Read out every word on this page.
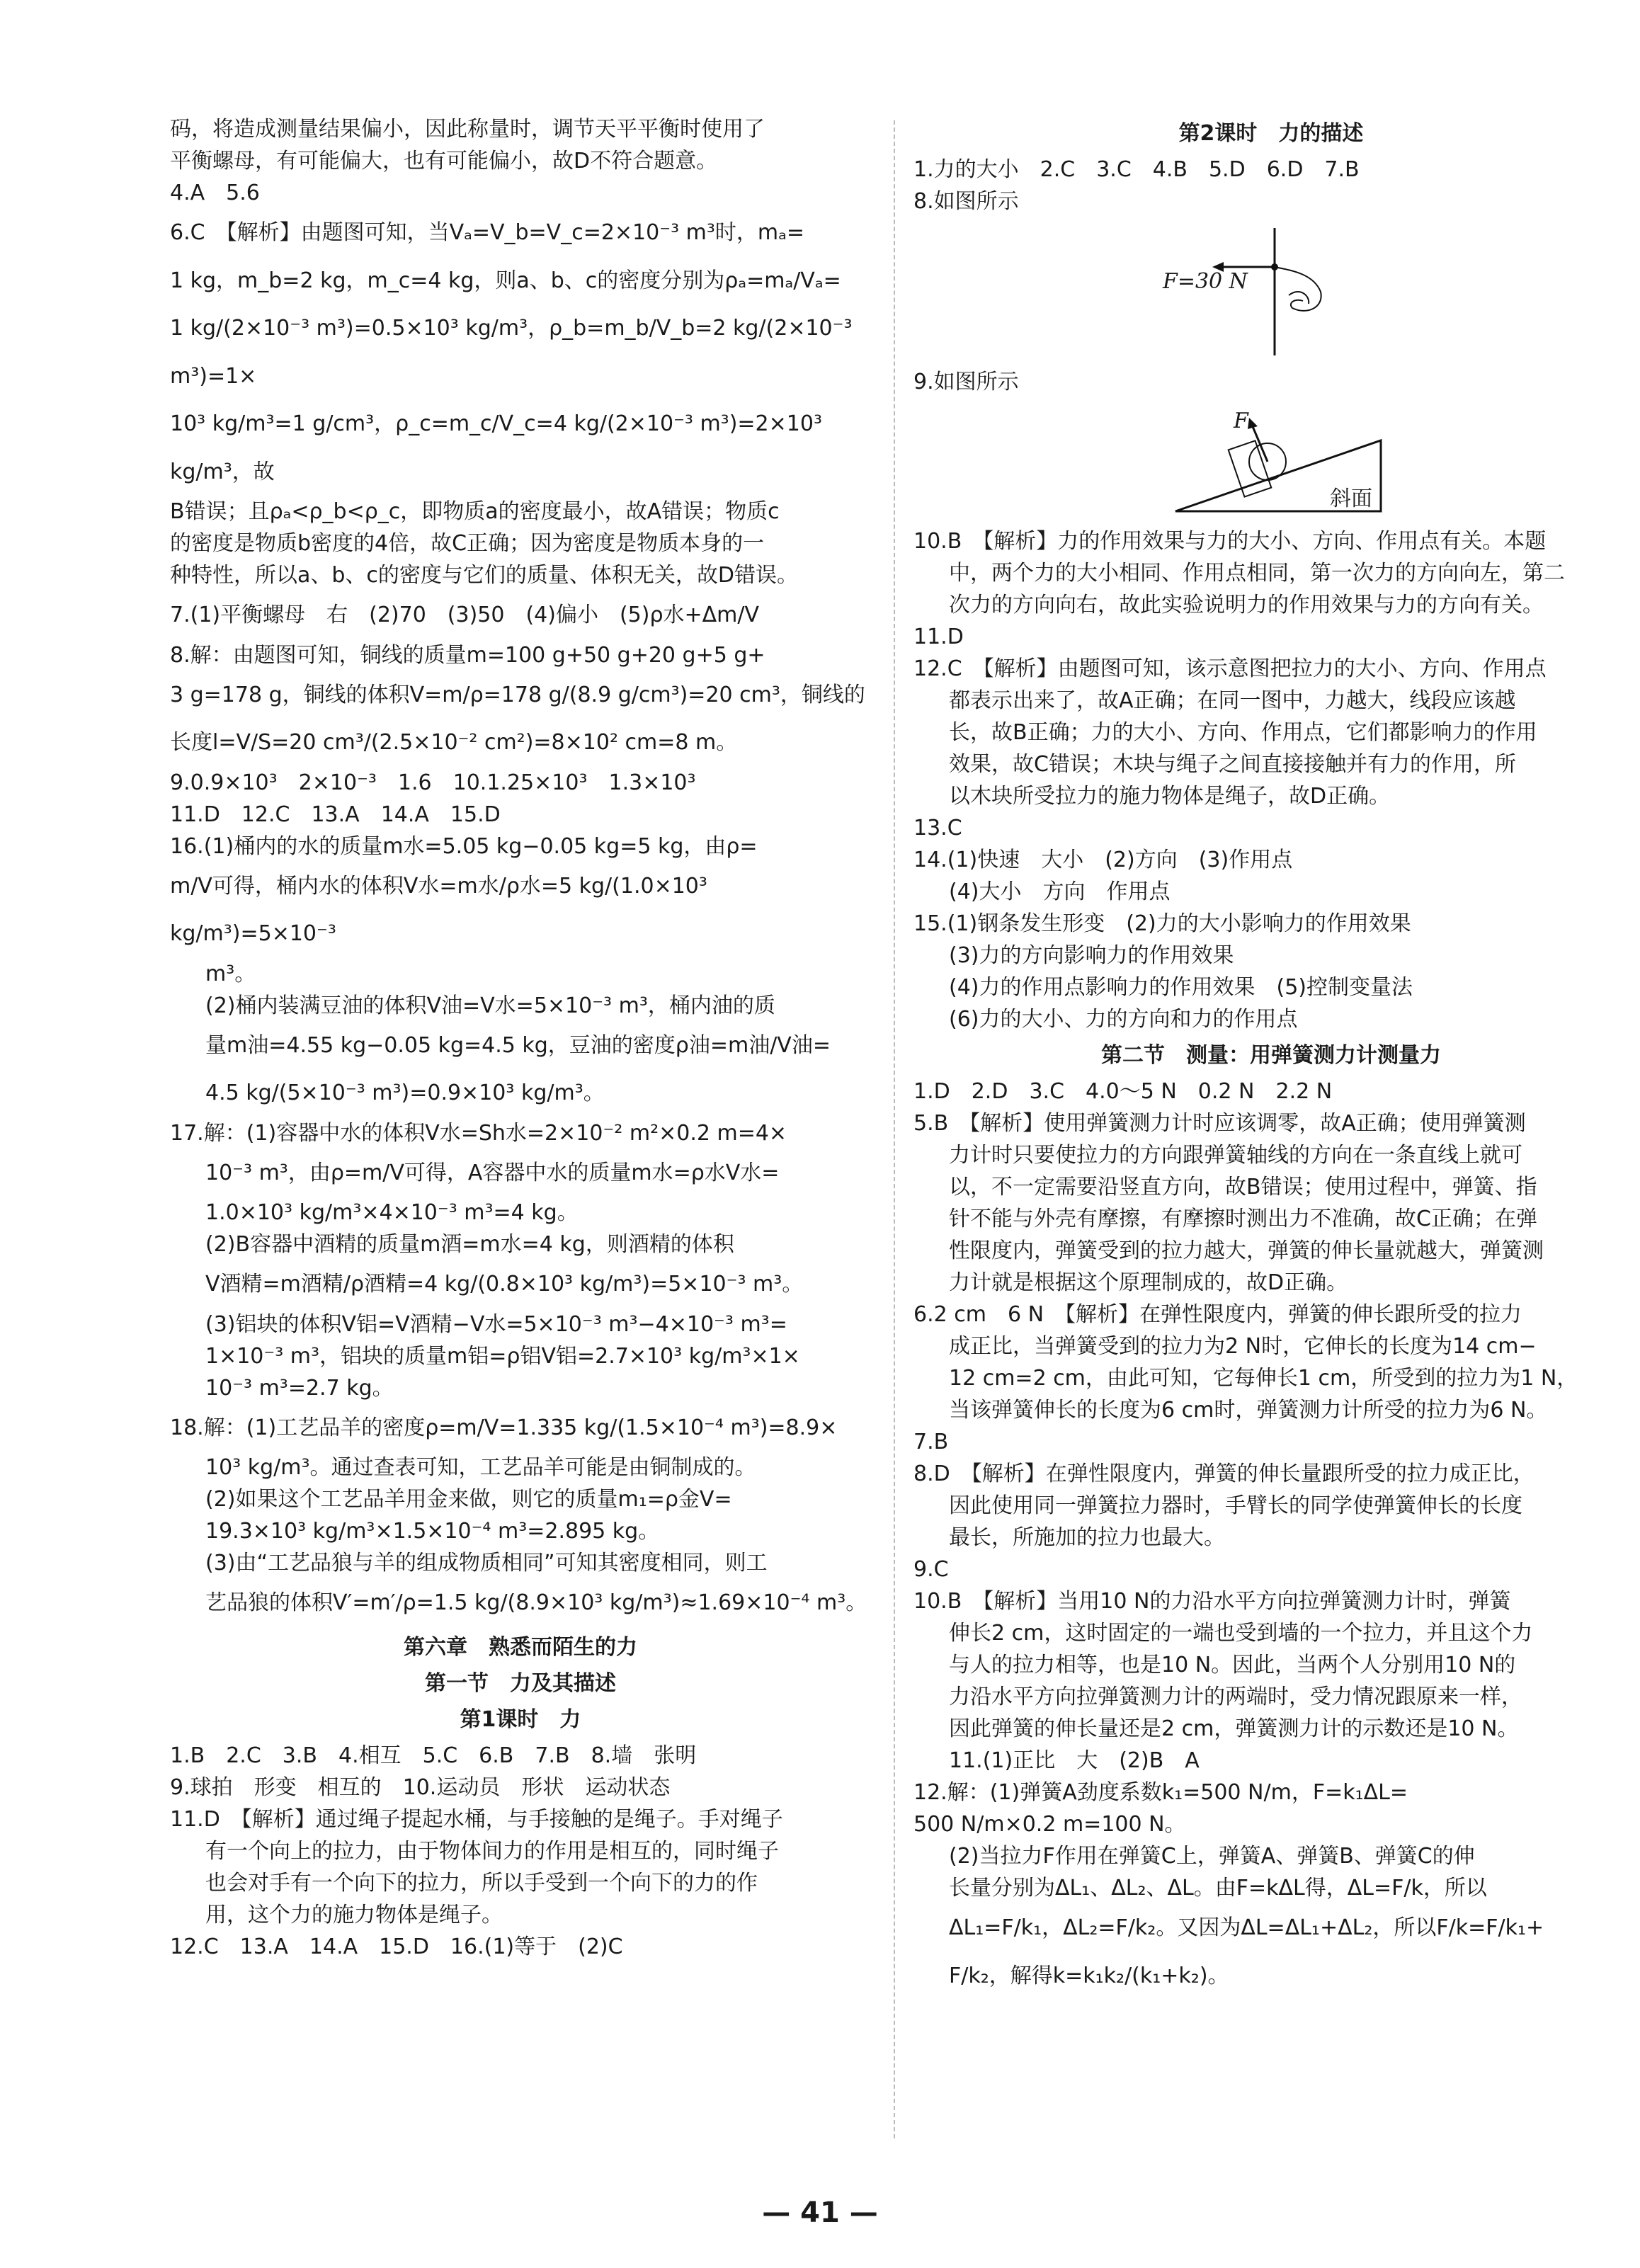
码，将造成测量结果偏小，因此称量时，调节天平平衡时使用了

平衡螺母，有可能偏大，也有可能偏小，故D不符合题意。

4.A　5.6

6.C　【解析】由题图可知，当Vₐ=V_b=V_c=2×10⁻³ m³时，mₐ=

1 kg，m_b=2 kg，m_c=4 kg，则a、b、c的密度分别为ρₐ=mₐ/Vₐ=

1 kg/(2×10⁻³ m³)=0.5×10³ kg/m³，ρ_b=m_b/V_b=2 kg/(2×10⁻³ m³)=1×

10³ kg/m³=1 g/cm³，ρ_c=m_c/V_c=4 kg/(2×10⁻³ m³)=2×10³ kg/m³，故

B错误；且ρₐ<ρ_b<ρ_c，即物质a的密度最小，故A错误；物质c

的密度是物质b密度的4倍，故C正确；因为密度是物质本身的一

种特性，所以a、b、c的密度与它们的质量、体积无关，故D错误。

7.(1)平衡螺母　右　(2)70　(3)50　(4)偏小　(5)ρ水+Δm/V

8.解：由题图可知，铜线的质量m=100 g+50 g+20 g+5 g+

3 g=178 g，铜线的体积V=m/ρ=178 g/(8.9 g/cm³)=20 cm³，铜线的

长度l=V/S=20 cm³/(2.5×10⁻² cm²)=8×10² cm=8 m。

9.0.9×10³　2×10⁻³　1.6　10.1.25×10³　1.3×10³

11.D　12.C　13.A　14.A　15.D

16.(1)桶内的水的质量m水=5.05 kg−0.05 kg=5 kg，由ρ=

m/V可得，桶内水的体积V水=m水/ρ水=5 kg/(1.0×10³ kg/m³)=5×10⁻³

m³。

(2)桶内装满豆油的体积V油=V水=5×10⁻³ m³，桶内油的质

量m油=4.55 kg−0.05 kg=4.5 kg，豆油的密度ρ油=m油/V油=

4.5 kg/(5×10⁻³ m³)=0.9×10³ kg/m³。

17.解：(1)容器中水的体积V水=Sh水=2×10⁻² m²×0.2 m=4×

10⁻³ m³，由ρ=m/V可得，A容器中水的质量m水=ρ水V水=

1.0×10³ kg/m³×4×10⁻³ m³=4 kg。

(2)B容器中酒精的质量m酒=m水=4 kg，则酒精的体积

V酒精=m酒精/ρ酒精=4 kg/(0.8×10³ kg/m³)=5×10⁻³ m³。

(3)铝块的体积V铝=V酒精−V水=5×10⁻³ m³−4×10⁻³ m³=

1×10⁻³ m³，铝块的质量m铝=ρ铝V铝=2.7×10³ kg/m³×1×

10⁻³ m³=2.7 kg。

18.解：(1)工艺品羊的密度ρ=m/V=1.335 kg/(1.5×10⁻⁴ m³)=8.9×

10³ kg/m³。通过查表可知，工艺品羊可能是由铜制成的。

(2)如果这个工艺品羊用金来做，则它的质量m₁=ρ金V=

19.3×10³ kg/m³×1.5×10⁻⁴ m³=2.895 kg。

(3)由“工艺品狼与羊的组成物质相同”可知其密度相同，则工

艺品狼的体积V′=m′/ρ=1.5 kg/(8.9×10³ kg/m³)≈1.69×10⁻⁴ m³。

第六章　熟悉而陌生的力

第一节　力及其描述

第1课时　力

1.B　2.C　3.B　4.相互　5.C　6.B　7.B　8.墙　张明

9.球拍　形变　相互的　10.运动员　形状　运动状态

11.D　【解析】通过绳子提起水桶，与手接触的是绳子。手对绳子

有一个向上的拉力，由于物体间力的作用是相互的，同时绳子

也会对手有一个向下的拉力，所以手受到一个向下的力的作

用，这个力的施力物体是绳子。

12.C　13.A　14.A　15.D　16.(1)等于　(2)C

第2课时　力的描述

1.力的大小　2.C　3.C　4.B　5.D　6.D　7.B

8.如图所示

F=30 N

9.如图所示

F
斜面

10.B　【解析】力的作用效果与力的大小、方向、作用点有关。本题

中，两个力的大小相同、作用点相同，第一次力的方向向左，第二

次力的方向向右，故此实验说明力的作用效果与力的方向有关。

11.D

12.C　【解析】由题图可知，该示意图把拉力的大小、方向、作用点

都表示出来了，故A正确；在同一图中，力越大，线段应该越

长，故B正确；力的大小、方向、作用点，它们都影响力的作用

效果，故C错误；木块与绳子之间直接接触并有力的作用，所

以木块所受拉力的施力物体是绳子，故D正确。

13.C

14.(1)快速　大小　(2)方向　(3)作用点

(4)大小　方向　作用点

15.(1)钢条发生形变　(2)力的大小影响力的作用效果

(3)力的方向影响力的作用效果

(4)力的作用点影响力的作用效果　(5)控制变量法

(6)力的大小、力的方向和力的作用点

第二节　测量：用弹簧测力计测量力

1.D　2.D　3.C　4.0～5 N　0.2 N　2.2 N

5.B　【解析】使用弹簧测力计时应该调零，故A正确；使用弹簧测

力计时只要使拉力的方向跟弹簧轴线的方向在一条直线上就可

以，不一定需要沿竖直方向，故B错误；使用过程中，弹簧、指

针不能与外壳有摩擦，有摩擦时测出力不准确，故C正确；在弹

性限度内，弹簧受到的拉力越大，弹簧的伸长量就越大，弹簧测

力计就是根据这个原理制成的，故D正确。

6.2 cm　6 N　【解析】在弹性限度内，弹簧的伸长跟所受的拉力

成正比，当弹簧受到的拉力为2 N时，它伸长的长度为14 cm−

12 cm=2 cm，由此可知，它每伸长1 cm，所受到的拉力为1 N，

当该弹簧伸长的长度为6 cm时，弹簧测力计所受的拉力为6 N。

7.B

8.D　【解析】在弹性限度内，弹簧的伸长量跟所受的拉力成正比，

因此使用同一弹簧拉力器时，手臂长的同学使弹簧伸长的长度

最长，所施加的拉力也最大。

9.C

10.B　【解析】当用10 N的力沿水平方向拉弹簧测力计时，弹簧

伸长2 cm，这时固定的一端也受到墙的一个拉力，并且这个力

与人的拉力相等，也是10 N。因此，当两个人分别用10 N的

力沿水平方向拉弹簧测力计的两端时，受力情况跟原来一样，

因此弹簧的伸长量还是2 cm，弹簧测力计的示数还是10 N。

11.(1)正比　大　(2)B　A

12.解：(1)弹簧A劲度系数k₁=500 N/m，F=k₁ΔL=

500 N/m×0.2 m=100 N。

(2)当拉力F作用在弹簧C上，弹簧A、弹簧B、弹簧C的伸

长量分别为ΔL₁、ΔL₂、ΔL。由F=kΔL得，ΔL=F/k，所以

ΔL₁=F/k₁，ΔL₂=F/k₂。又因为ΔL=ΔL₁+ΔL₂，所以F/k=F/k₁+

F/k₂，解得k=k₁k₂/(k₁+k₂)。

— 41 —
